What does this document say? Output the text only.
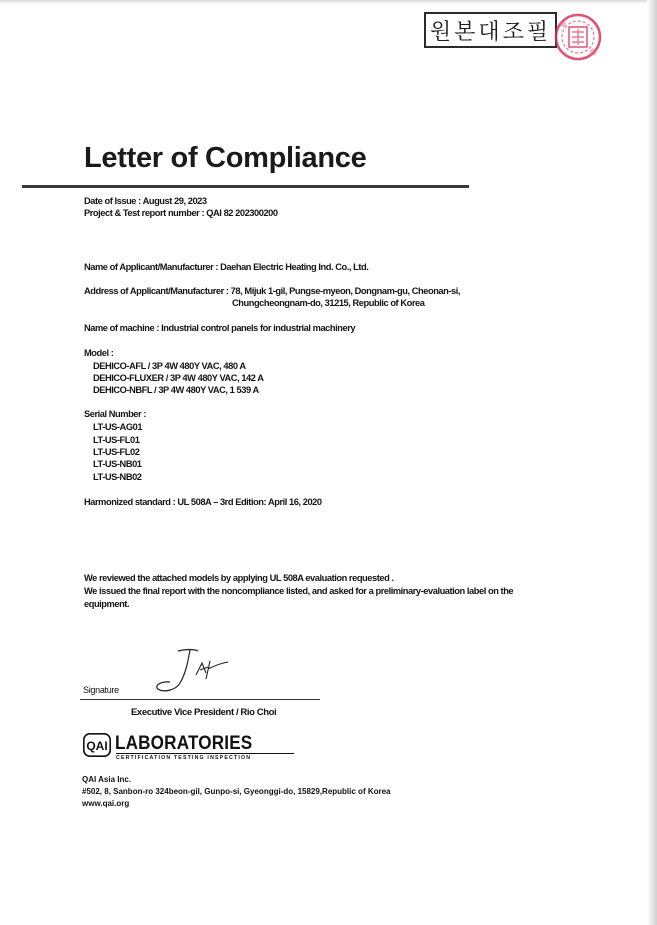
원본대조필
Letter of Compliance
Date of Issue : August 29, 2023
Project & Test report number : QAI 82 202300200
Name of Applicant/Manufacturer : Daehan Electric Heating Ind. Co., Ltd.
Address of Applicant/Manufacturer : 78, Mijuk 1-gil, Pungse-myeon, Dongnam-gu, Cheonan-si,
Chungcheongnam-do, 31215, Republic of Korea
Name of machine : Industrial control panels for industrial machinery
Model :
DEHICO-AFL / 3P 4W 480Y VAC, 480 A
DEHICO-FLUXER / 3P 4W 480Y VAC, 142 A
DEHICO-NBFL / 3P 4W 480Y VAC, 1 539 A
Serial Number :
LT-US-AG01
LT-US-FL01
LT-US-FL02
LT-US-NB01
LT-US-NB02
Harmonized standard : UL 508A – 3rd Edition: April 16, 2020
We reviewed the attached models by applying UL 508A evaluation requested .
We issued the final report with the noncompliance listed, and asked for a preliminary-evaluation label on the
equipment.
Signature
Executive Vice President / Rio Choi
QAI LABORATORIES
CERTIFICATION TESTING INSPECTION
QAI Asia Inc.
#502, 8, Sanbon-ro 324beon-gil, Gunpo-si, Gyeonggi-do, 15829,Republic of Korea
www.qai.org
